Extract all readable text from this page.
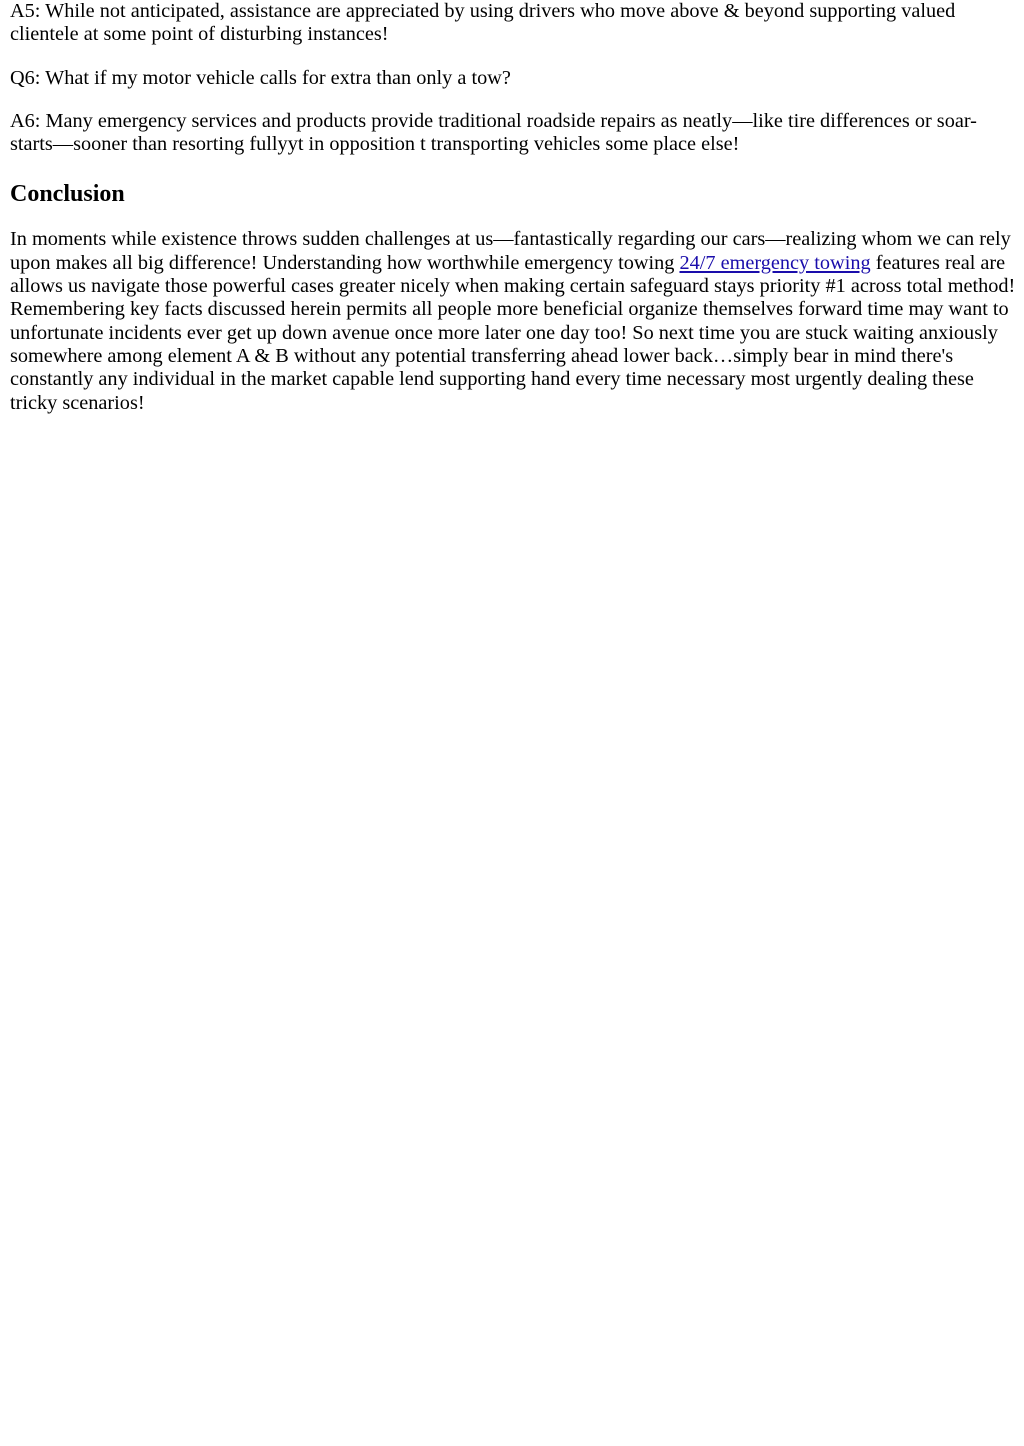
A5: While not anticipated, assistance are appreciated by using drivers who move above & beyond supporting valued clientele at some point of disturbing instances!

Q6: What if my motor vehicle calls for extra than only a tow?

A6: Many emergency services and products provide traditional roadside repairs as neatly—like tire differences or soar-starts—sooner than resorting fullyyt in opposition t transporting vehicles some place else!

Conclusion

In moments while existence throws sudden challenges at us—fantastically regarding our cars—realizing whom we can rely upon makes all big difference! Understanding how worthwhile emergency towing 24/7 emergency towing features real are allows us navigate those powerful cases greater nicely when making certain safeguard stays priority #1 across total method! Remembering key facts discussed herein permits all people more beneficial organize themselves forward time may want to unfortunate incidents ever get up down avenue once more later one day too! So next time you are stuck waiting anxiously somewhere among element A & B without any potential transferring ahead lower back…simply bear in mind there's constantly any individual in the market capable lend supporting hand every time necessary most urgently dealing these tricky scenarios!
